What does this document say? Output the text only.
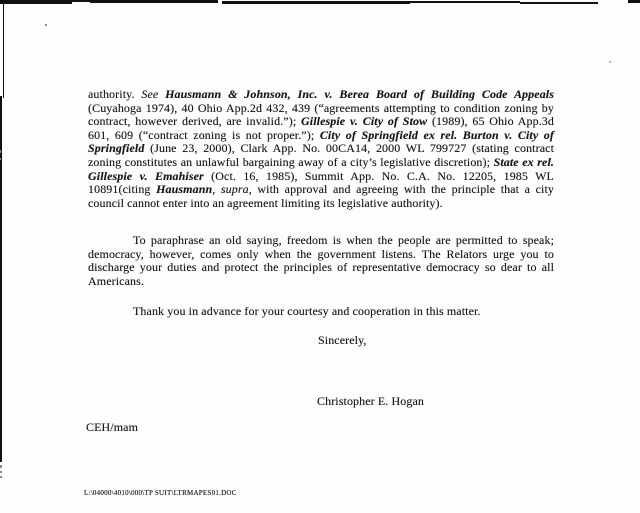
authority. See Hausmann & Johnson, Inc. v. Berea Board of Building Code Appeals (Cuyahoga 1974), 40 Ohio App.2d 432, 439 (“agreements attempting to condition zoning by contract, however derived, are invalid.”); Gillespie v. City of Stow (1989), 65 Ohio App.3d 601, 609 (“contract zoning is not proper.”); City of Springfield ex rel. Burton v. City of Springfield (June 23, 2000), Clark App. No. 00CA14, 2000 WL 799727 (stating contract zoning constitutes an unlawful bargaining away of a city’s legislative discretion); State ex rel. Gillespie v. Emahiser (Oct. 16, 1985), Summit App. No. C.A. No. 12205, 1985 WL 10891(citing Hausmann, supra, with approval and agreeing with the principle that a city council cannot enter into an agreement limiting its legislative authority).
To paraphrase an old saying, freedom is when the people are permitted to speak; democracy, however, comes only when the government listens. The Relators urge you to discharge your duties and protect the principles of representative democracy so dear to all Americans.
Thank you in advance for your courtesy and cooperation in this matter.
Sincerely,
Christopher E. Hogan
CEH/mam
L:\04000\4010\000\TP SUIT\LTRMAPES01.DOC
